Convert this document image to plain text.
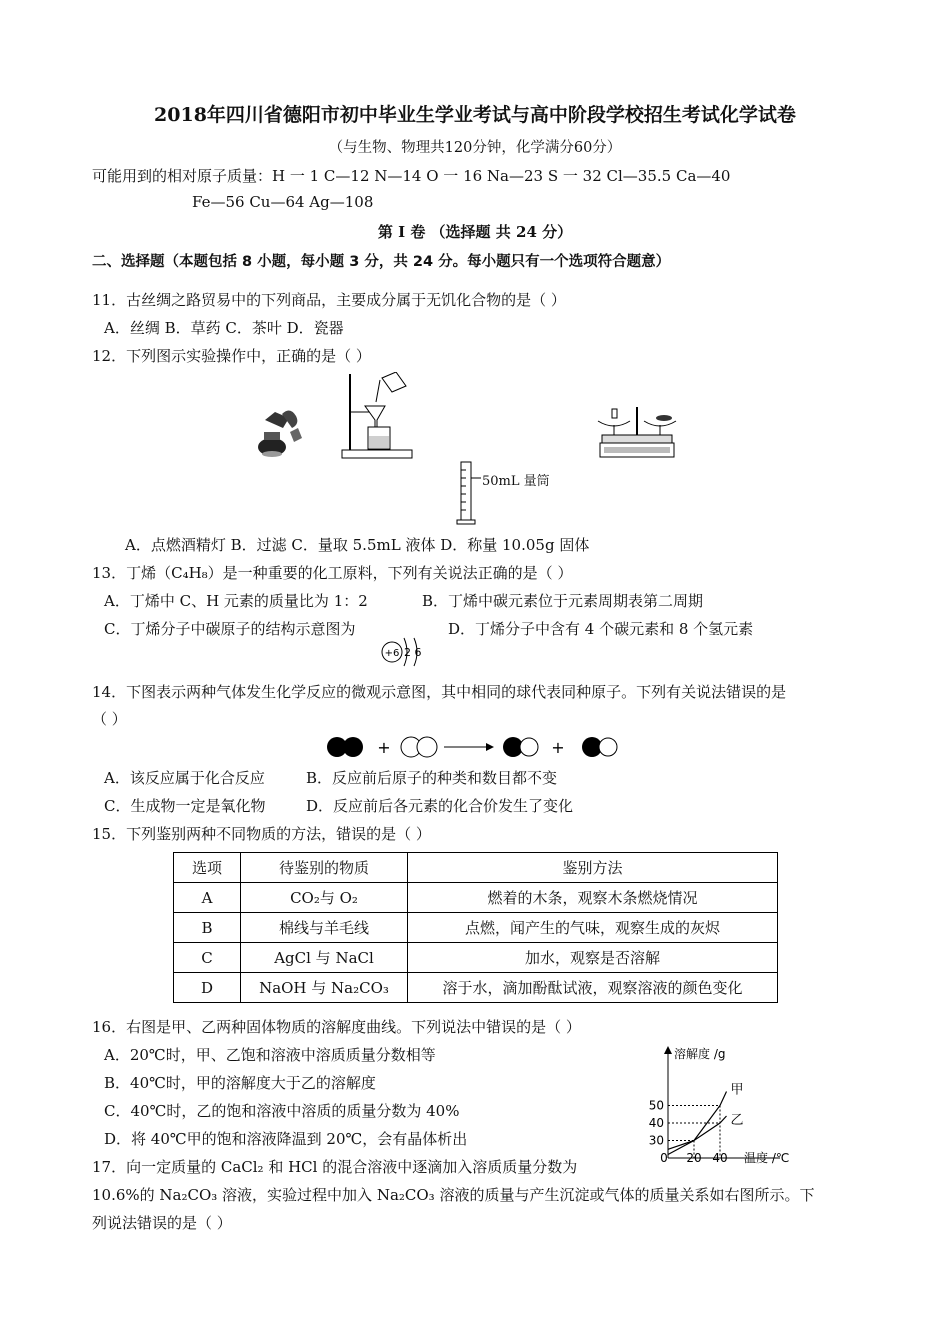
2018年四川省德阳市初中毕业生学业考试与高中阶段学校招生考试化学试卷
（与生物、物理共120分钟，化学满分60分）
可能用到的相对原子质量：H 一 1 C—12 N—14 O 一 16 Na—23 S 一 32 Cl—35.5 Ca—40
Fe—56 Cu—64 Ag—108
第 Ⅰ 卷 （选择题 共 24 分）
二、选择题（本题包括 8 小题，每小题 3 分，共 24 分。每小题只有一个选项符合题意）
11．古丝绸之路贸易中的下列商品，主要成分属于无饥化合物的是（ ）
A．丝绸 B．草药 C．茶叶 D．瓷器
12．下列图示实验操作中，正确的是（ ）
50mL 量筒
A．点燃酒精灯 B．过滤 C．量取 5.5mL 液体 D．称量 10.05g 固体
13．丁烯（C₄H₈）是一种重要的化工原料，下列有关说法正确的是（ ）
A．丁烯中 C、H 元素的质量比为 1：2	B．丁烯中碳元素位于元素周期表第二周期
C．丁烯分子中碳原子的结构示意图为	D．丁烯分子中含有 4 个碳元素和 8 个氢元素
+6 2 6
14．下图表示两种气体发生化学反应的微观示意图，其中相同的球代表同种原子。下列有关说法错误的是
（ ）
+	+
A．该反应属于化合反应	B．反应前后原子的种类和数目都不变
C．生成物一定是氧化物	D．反应前后各元素的化合价发生了变化
15．下列鉴别两种不同物质的方法，错误的是（ ）
选项	待鉴别的物质	鉴别方法
A	CO₂与 O₂	燃着的木条，观察木条燃烧情况
B	棉线与羊毛线	点燃，闻产生的气味，观察生成的灰烬
C	AgCl 与 NaCl	加水，观察是否溶解
D	NaOH 与 Na₂CO₃	溶于水，滴加酚酞试液，观察溶液的颜色变化
16．右图是甲、乙两种固体物质的溶解度曲线。下列说法中错误的是（ ）
A．20℃时，甲、乙饱和溶液中溶质质量分数相等
B．40℃时，甲的溶解度大于乙的溶解度
C．40℃时，乙的饱和溶液中溶质的质量分数为 40%
D．将 40℃甲的饱和溶液降温到 20℃，会有晶体析出
溶解度 /g
温度 /℃
0 20 40
30
40
50
甲
乙
17．向一定质量的 CaCl₂ 和 HCl 的混合溶液中逐滴加入溶质质量分数为
10.6%的 Na₂CO₃ 溶液，实验过程中加入 Na₂CO₃ 溶液的质量与产生沉淀或气体的质量关系如右图所示。下
列说法错误的是（ ）
